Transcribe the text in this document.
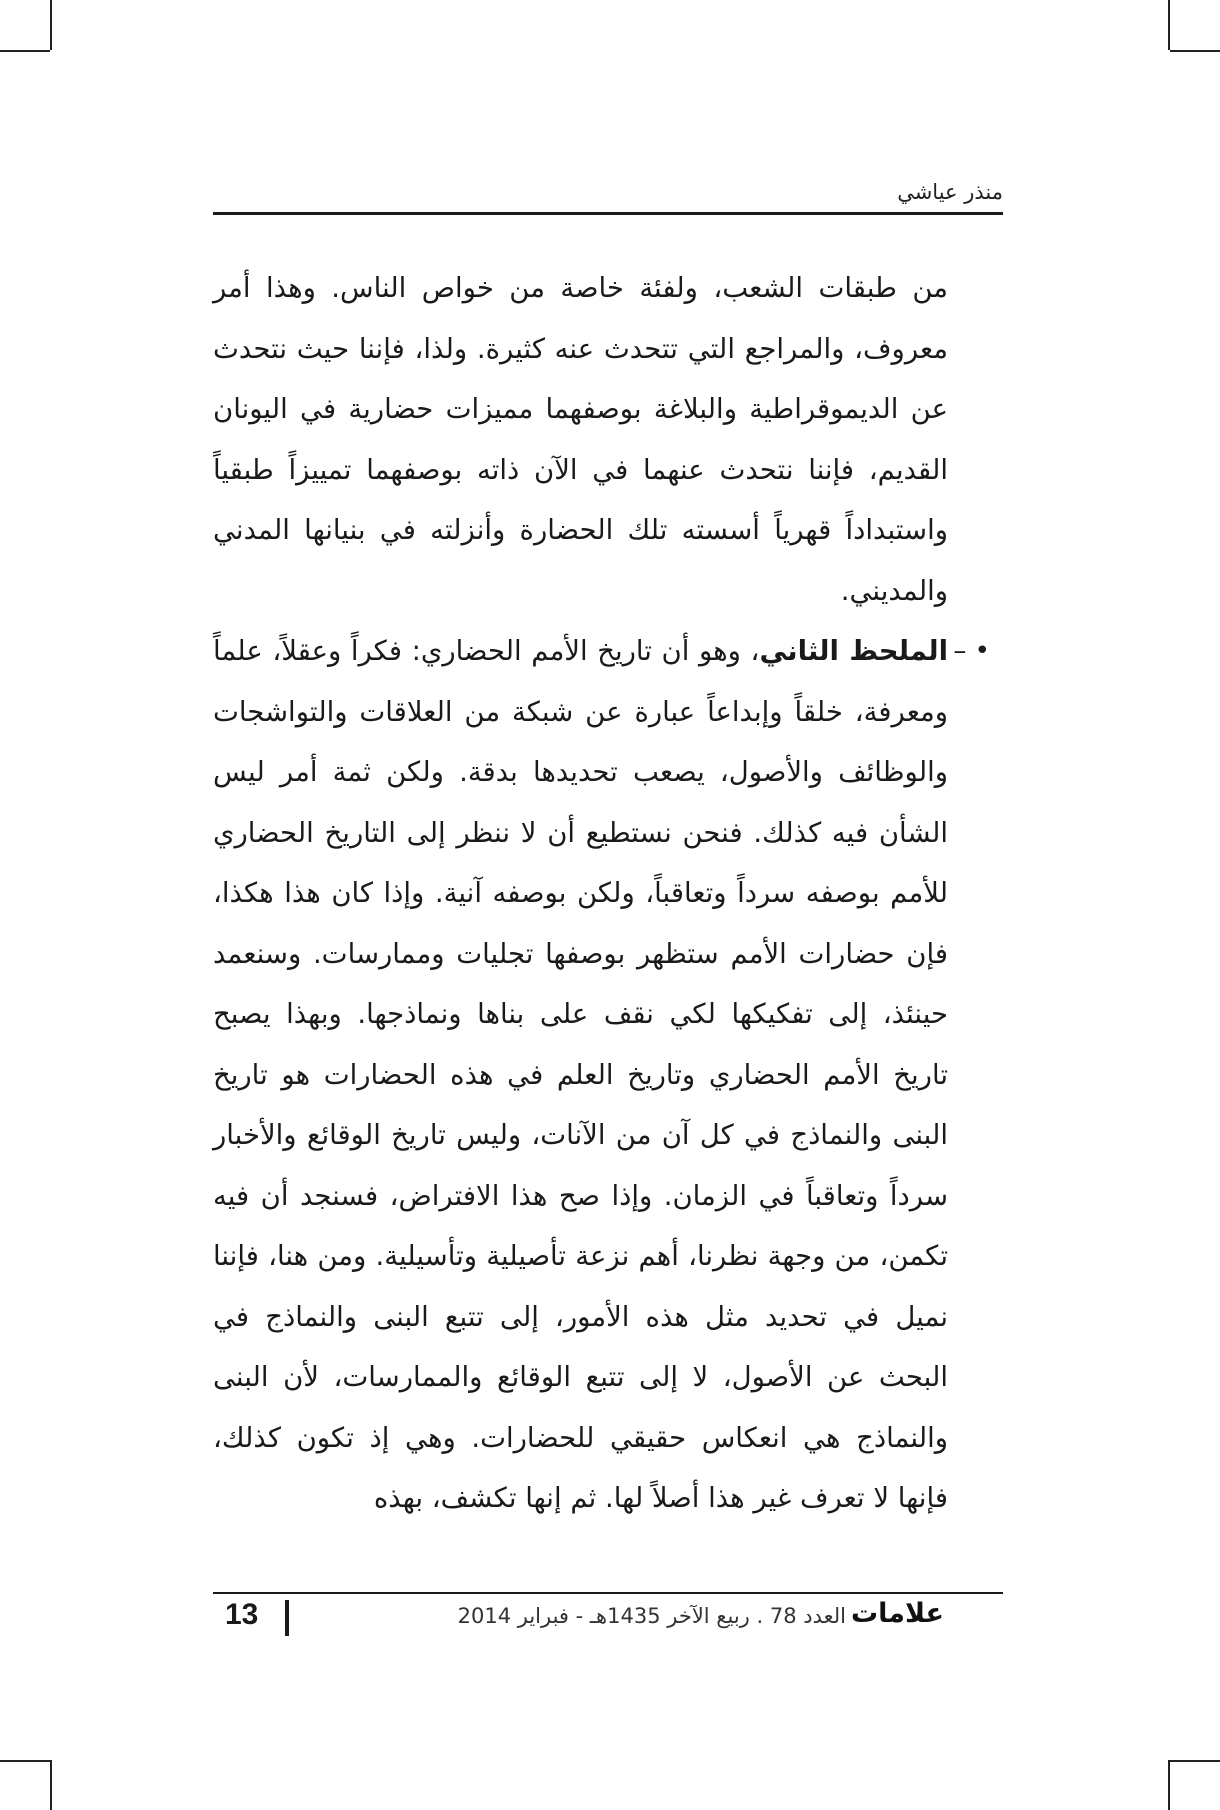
منذر عياشي

من طبقات الشعب، ولفئة خاصة من خواص الناس. وهذا أمر معروف، والمراجع التي تتحدث عنه كثيرة. ولذا، فإننا حيث نتحدث عن الديموقراطية والبلاغة بوصفهما مميزات حضارية في اليونان القديم، فإننا نتحدث عنهما في الآن ذاته بوصفهما تمييزاً طبقياً واستبداداً قهرياً أسسته تلك الحضارة وأنزلته في بنيانها المدني والمديني.

• –
الملحظ الثاني، وهو أن تاريخ الأمم الحضاري: فكراً وعقلاً، علماً ومعرفة، خلقاً وإبداعاً عبارة عن شبكة من العلاقات والتواشجات والوظائف والأصول، يصعب تحديدها بدقة. ولكن ثمة أمر ليس الشأن فيه كذلك. فنحن نستطيع أن لا ننظر إلى التاريخ الحضاري للأمم بوصفه سرداً وتعاقباً، ولكن بوصفه آنية. وإذا كان هذا هكذا، فإن حضارات الأمم ستظهر بوصفها تجليات وممارسات. وسنعمد حينئذ، إلى تفكيكها لكي نقف على بناها ونماذجها. وبهذا يصبح تاريخ الأمم الحضاري وتاريخ العلم في هذه الحضارات هو تاريخ البنى والنماذج في كل آن من الآنات، وليس تاريخ الوقائع والأخبار سرداً وتعاقباً في الزمان. وإذا صح هذا الافتراض، فسنجد أن فيه تكمن، من وجهة نظرنا، أهم نزعة تأصيلية وتأسيلية. ومن هنا، فإننا نميل في تحديد مثل هذه الأمور، إلى تتبع البنى والنماذج في البحث عن الأصول، لا إلى تتبع الوقائع والممارسات، لأن البنى والنماذج هي انعكاس حقيقي للحضارات. وهي إذ تكون كذلك، فإنها لا تعرف غير هذا أصلاً لها. ثم إنها تكشف، بهذه

13	العدد 78 . ربيع الآخر 1435هـ - فبراير 2014 علامات
